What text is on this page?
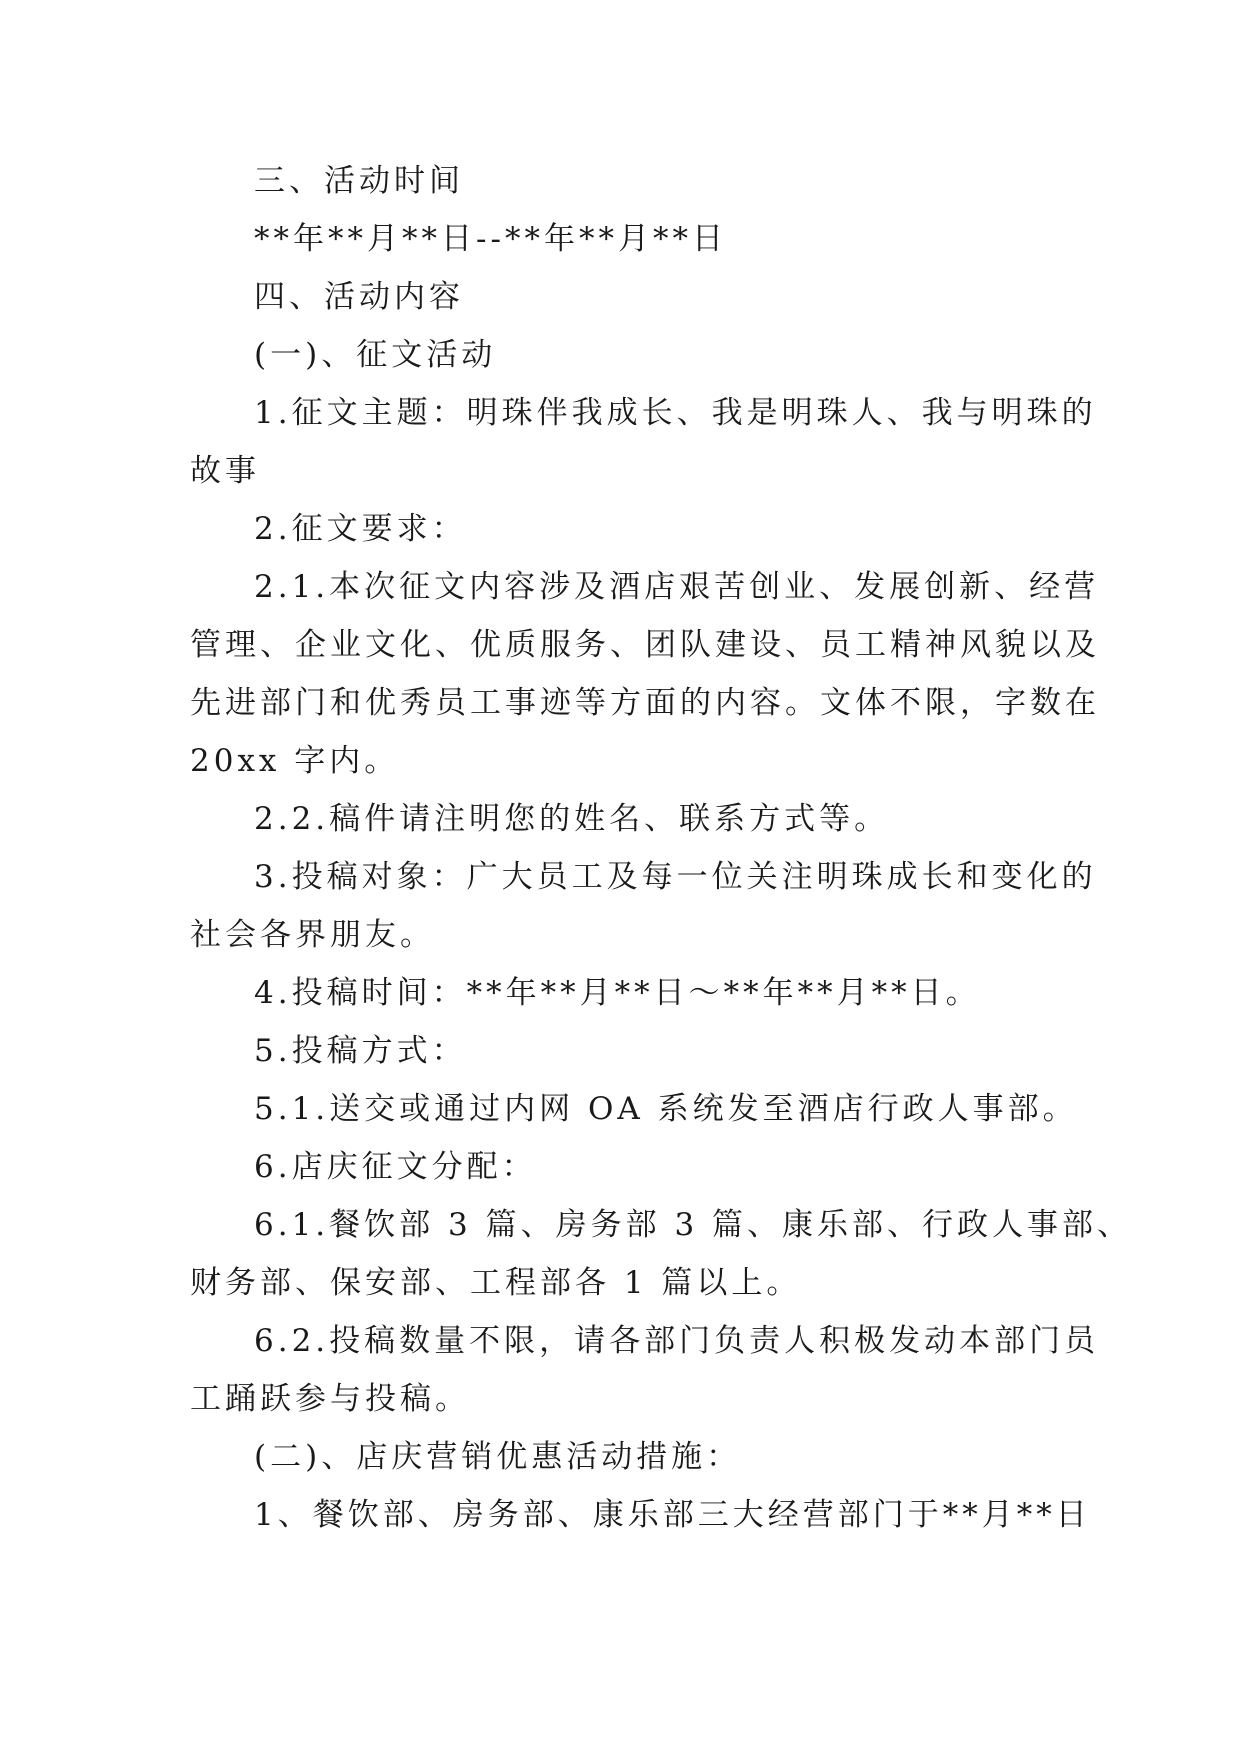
三、活动时间
**年**月**日--**年**月**日
四、活动内容
(一)、征文活动
1.征文主题：明珠伴我成长、我是明珠人、我与明珠的
故事
2.征文要求：
2.1.本次征文内容涉及酒店艰苦创业、发展创新、经营
管理、企业文化、优质服务、团队建设、员工精神风貌以及
先进部门和优秀员工事迹等方面的内容。文体不限，字数在
20xx 字内。
2.2.稿件请注明您的姓名、联系方式等。
3.投稿对象：广大员工及每一位关注明珠成长和变化的
社会各界朋友。
4.投稿时间：**年**月**日～**年**月**日。
5.投稿方式：
5.1.送交或通过内网 OA 系统发至酒店行政人事部。
6.店庆征文分配：
6.1.餐饮部 3 篇、房务部 3 篇、康乐部、行政人事部、
财务部、保安部、工程部各 1 篇以上。
6.2.投稿数量不限，请各部门负责人积极发动本部门员
工踊跃参与投稿。
(二)、店庆营销优惠活动措施：
1、餐饮部、房务部、康乐部三大经营部门于**月**日
